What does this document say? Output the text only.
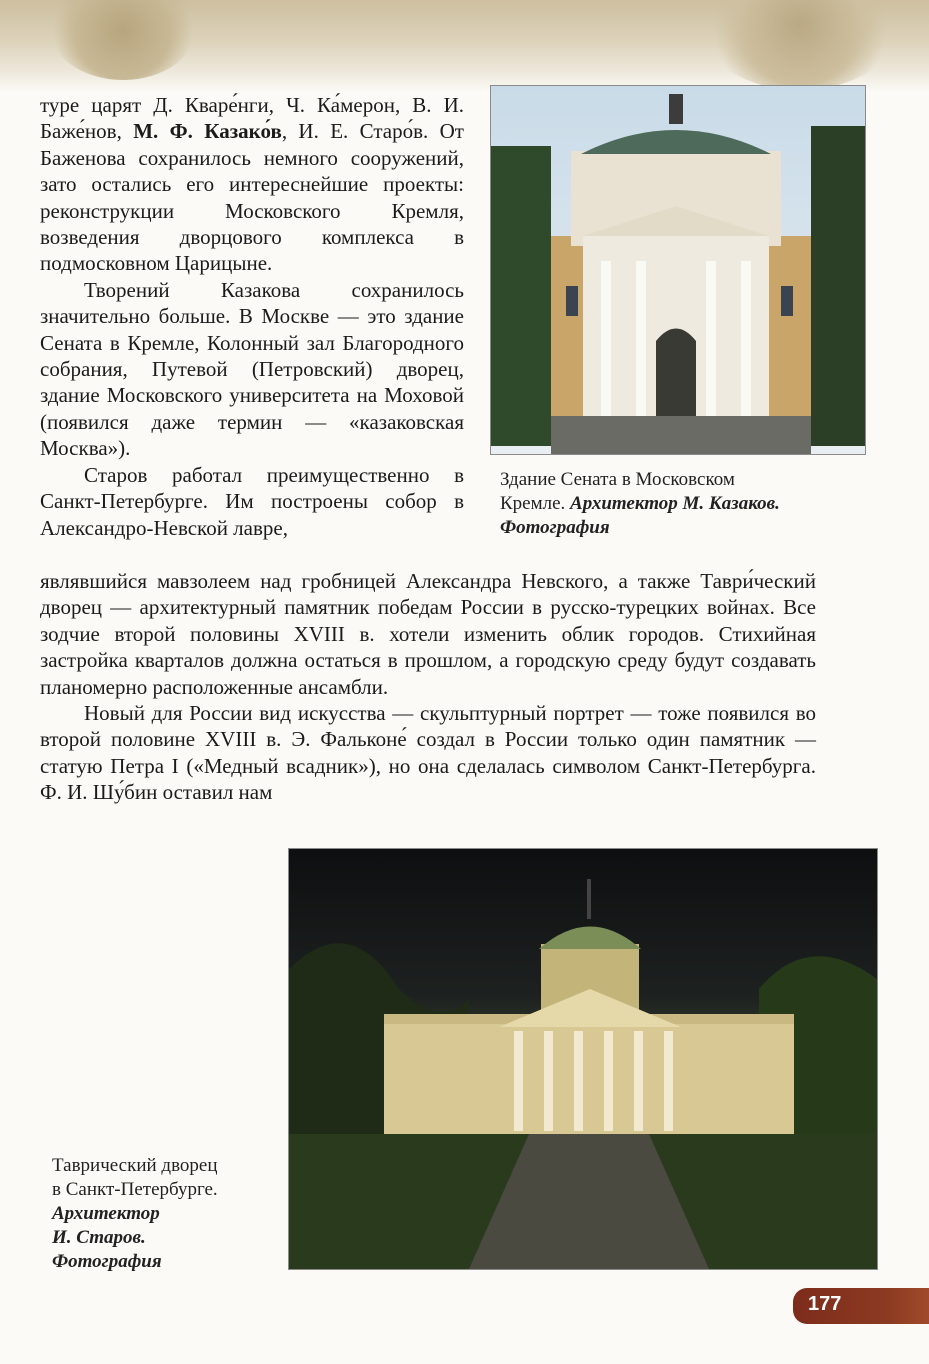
туре царят Д. Кваре́нги, Ч. Ка́мерон, В. И. Баже́нов, М. Ф. Казако́в, И. Е. Старо́в. От Баженова сохранилось немного сооружений, зато остались его интереснейшие проекты: реконструкции Московского Кремля, возведения дворцового комплекса в подмосковном Царицыне.

Творений Казакова сохранилось значительно больше. В Москве — это здание Сената в Кремле, Колонный зал Благородного собрания, Путевой (Петровский) дворец, здание Московского университета на Моховой (появился даже термин — «казаковская Москва»).

Старов работал преимущественно в Санкт-Петербурге. Им построены собор в Александро-Невской лавре,

являвшийся мавзолеем над гробницей Александра Невского, а также Таври́ческий дворец — архитектурный памятник победам России в русско-турецких войнах. Все зодчие второй половины XVIII в. хотели изменить облик городов. Стихийная застройка кварталов должна остаться в прошлом, а городскую среду будут создавать планомерно расположенные ансамбли.

Новый для России вид искусства — скульптурный портрет — тоже появился во второй половине XVIII в. Э. Фальконе́ создал в России только один памятник — статую Петра I («Медный всадник»), но она сделалась символом Санкт-Петербурга. Ф. И. Шу́бин оставил нам

Здание Сената в Московском
Кремле. Архитектор М. Казаков.
Фотография
Таврический дворец
в Санкт-Петербурге.
Архитектор
И. Старов.
Фотография
177
